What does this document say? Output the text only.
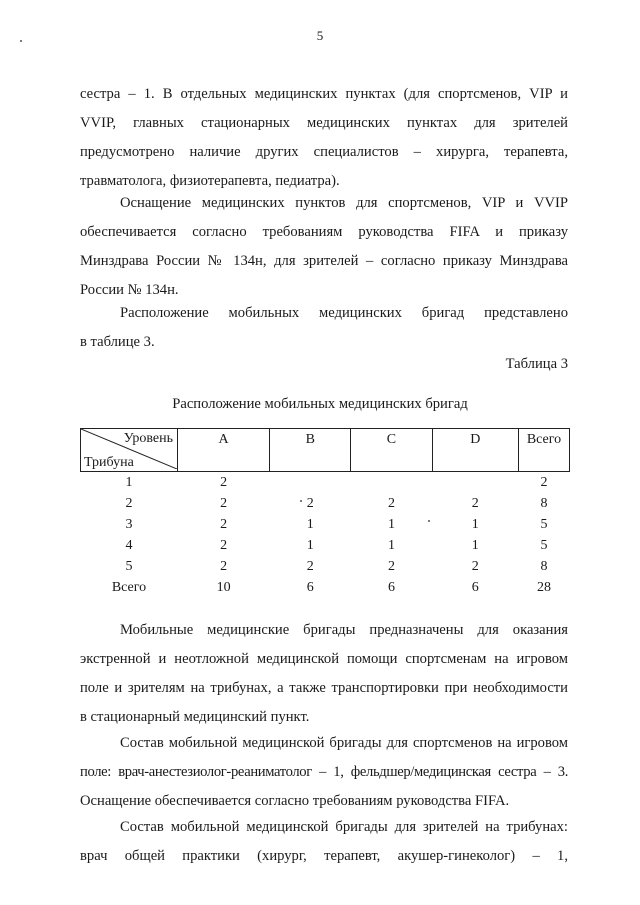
5

сестра – 1. В отдельных медицинских пунктах (для спортсменов, VIP и
VVIP, главных стационарных медицинских пунктах для зрителей
предусмотрено наличие других специалистов – хирурга, терапевта,
травматолога, физиотерапевта, педиатра).

Оснащение медицинских пунктов для спортсменов, VIP и VVIP
обеспечивается согласно требованиям руководства FIFA и приказу
Минздрава России № 134н, для зрителей – согласно приказу Минздрава
России № 134н.

Расположение мобильных медицинских бригад представлено
в таблице 3.

Таблица 3
Расположение мобильных медицинских бригад
Уровень
Трибуна	A	B	C	D	Всего
1	2				2
2	2	2	2	2	8
3	2	1	1	1	5
4	2	1	1	1	5
5	2	2	2	2	8
Всего	10	6	6	6	28

Мобильные медицинские бригады предназначены для оказания
экстренной и неотложной медицинской помощи спортсменам на игровом
поле и зрителям на трибунах, а также транспортировки при необходимости
в стационарный медицинский пункт.

Состав мобильной медицинской бригады для спортсменов на игровом
поле: врач-анестезиолог-реаниматолог – 1, фельдшер/медицинская сестра – 3.
Оснащение обеспечивается согласно требованиям руководства FIFA.

Состав мобильной медицинской бригады для зрителей на трибунах:
врач общей практики (хирург, терапевт, акушер-гинеколог) – 1,
